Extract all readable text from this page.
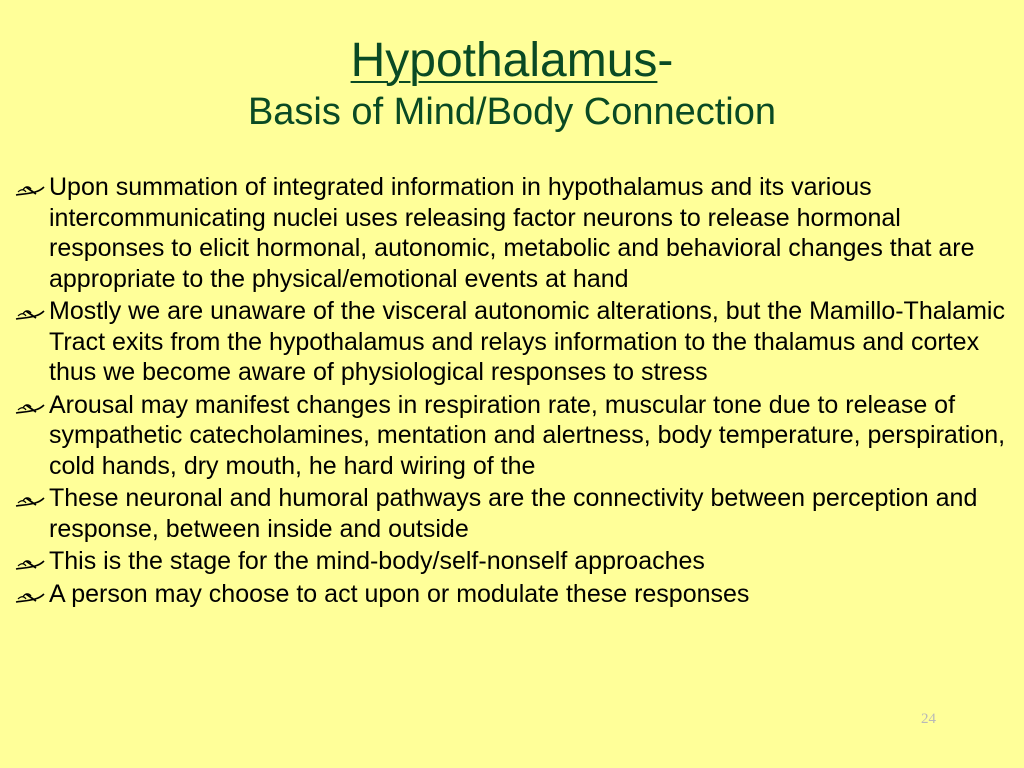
Hypothalamus-
Basis of Mind/Body Connection
Upon summation of integrated information in hypothalamus and its various intercommunicating nuclei uses releasing factor neurons to release hormonal responses to elicit hormonal, autonomic, metabolic and behavioral changes that are appropriate to the physical/emotional events at hand
Mostly we are unaware of the visceral autonomic alterations, but the Mamillo-Thalamic Tract exits from the hypothalamus and relays information to the thalamus and cortex thus we become aware of physiological responses to stress
Arousal may manifest changes in respiration rate, muscular tone due to release of sympathetic catecholamines, mentation and alertness, body temperature, perspiration, cold hands, dry mouth, he hard wiring of the
These neuronal and humoral pathways are the connectivity between perception and response, between inside and outside
This is the stage for the mind-body/self-nonself approaches
A person may choose to act upon or modulate these responses
24
